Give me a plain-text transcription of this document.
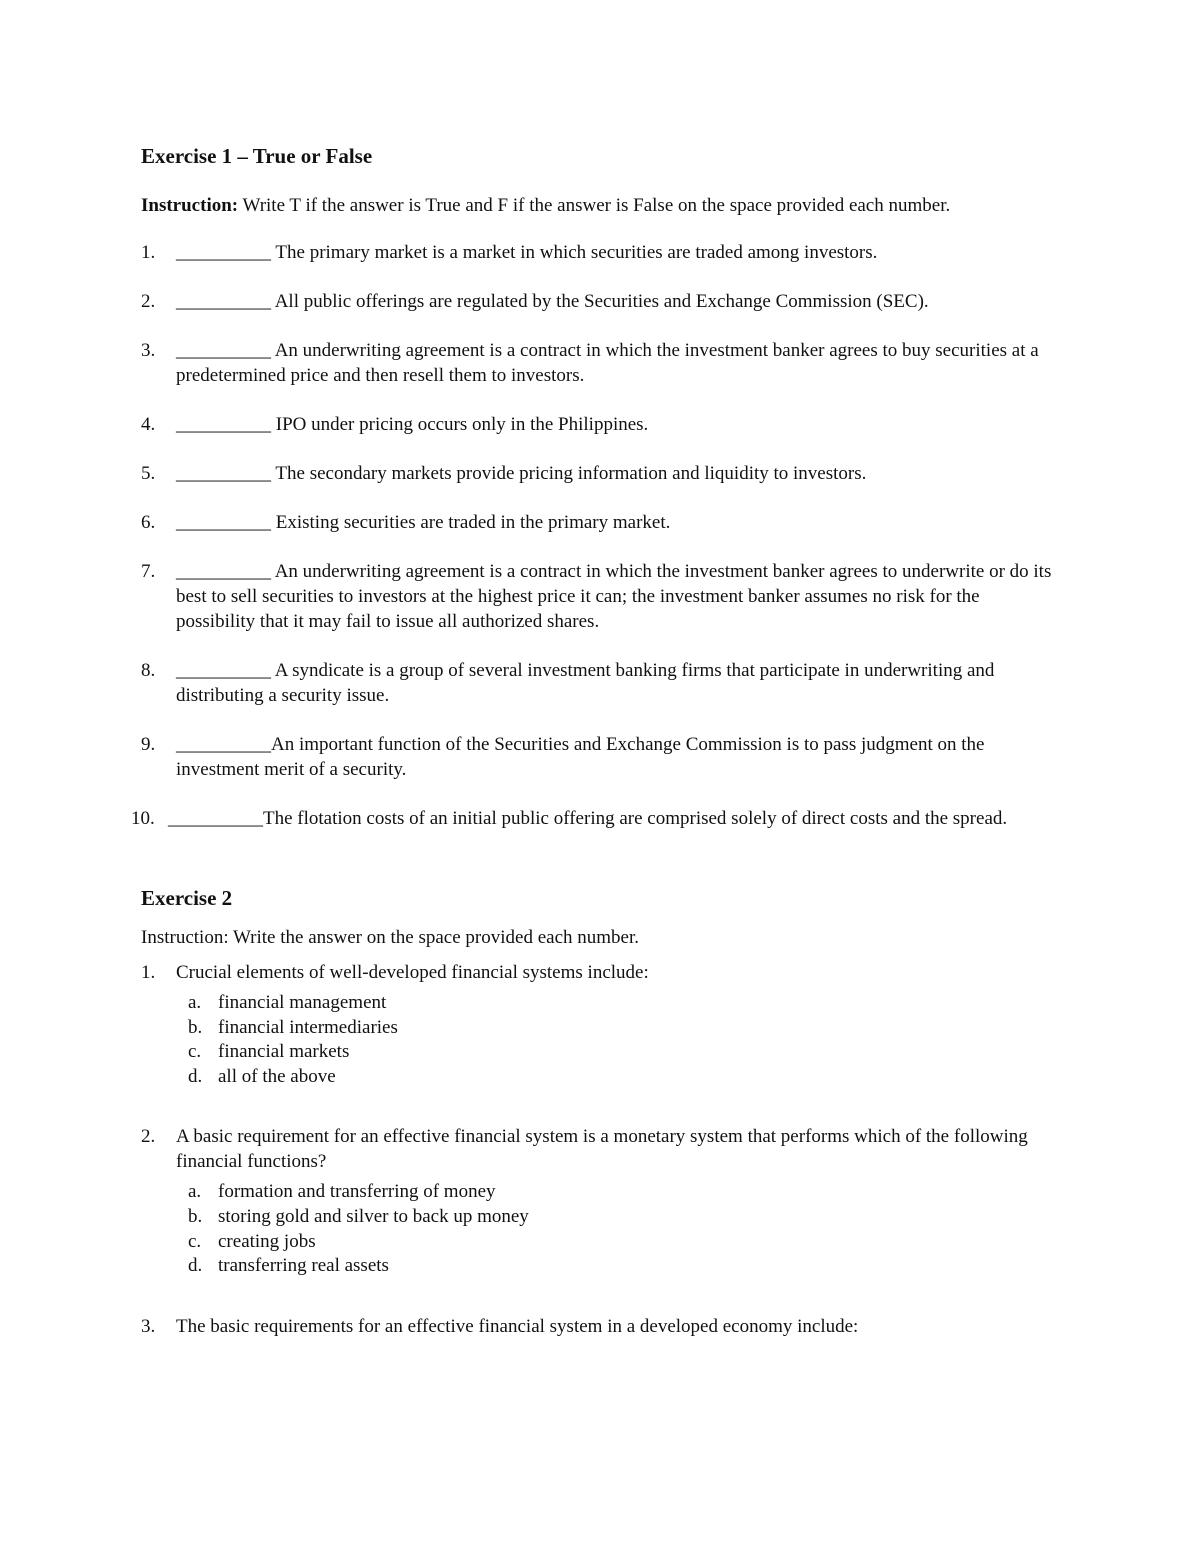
Exercise 1 – True or False
Instruction: Write T if the answer is True and F if the answer is False on the space provided each number.
1.	__________ The primary market is a market in which securities are traded among investors.
2.	__________ All public offerings are regulated by the Securities and Exchange Commission (SEC).
3.	__________ An underwriting agreement is a contract in which the investment banker agrees to buy securities at a predetermined price and then resell them to investors.
4.	__________ IPO under pricing occurs only in the Philippines.
5.	__________ The secondary markets provide pricing information and liquidity to investors.
6.	__________ Existing securities are traded in the primary market.
7.	__________ An underwriting agreement is a contract in which the investment banker agrees to underwrite or do its best to sell securities to investors at the highest price it can; the investment banker assumes no risk for the possibility that it may fail to issue all authorized shares.
8.	__________ A syndicate is a group of several investment banking firms that participate in underwriting and distributing a security issue.
9.	__________An important function of the Securities and Exchange Commission is to pass judgment on the investment merit of a security.
10. __________The flotation costs of an initial public offering are comprised solely of direct costs and the spread.
Exercise 2
Instruction: Write the answer on the space provided each number.
1. Crucial elements of well-developed financial systems include:
a. financial management
b. financial intermediaries
c. financial markets
d. all of the above
2. A basic requirement for an effective financial system is a monetary system that performs which of the following financial functions?
a. formation and transferring of money
b. storing gold and silver to back up money
c. creating jobs
d. transferring real assets
3. The basic requirements for an effective financial system in a developed economy include:
